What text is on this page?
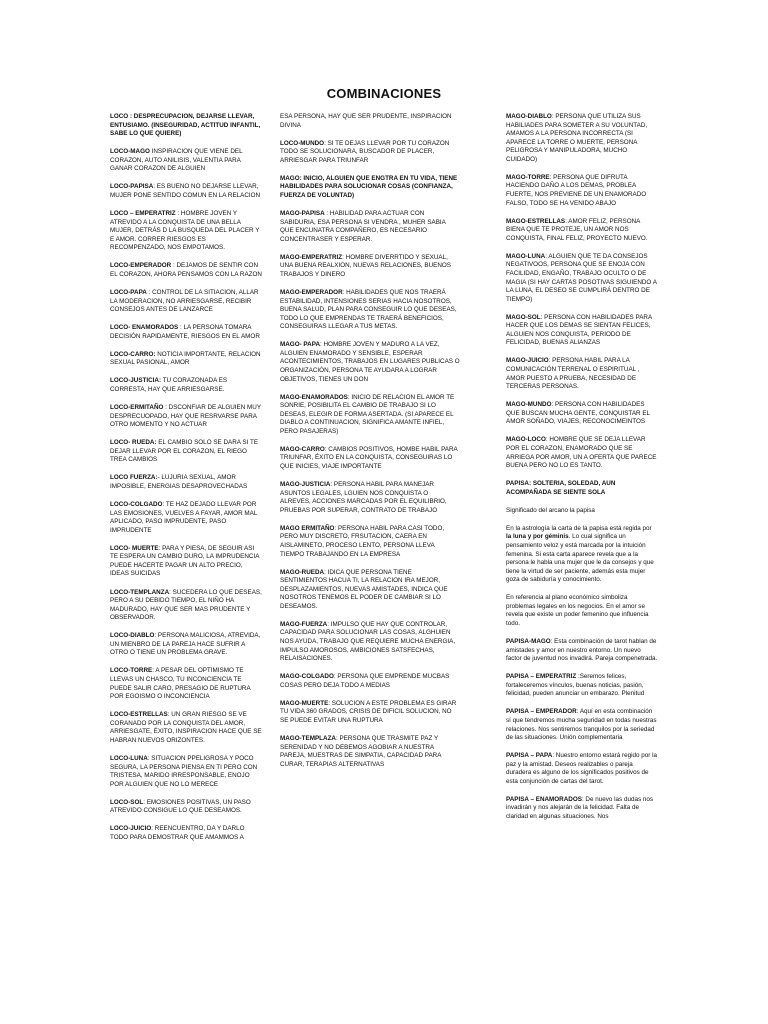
COMBINACIONES
LOCO : DESPRECUPACION, DEJARSE LLEVAR, ENTUSIAMO. (INSEGURIDAD, ACTITUD INFANTIL, SABE LO QUE QUIERE)
LOCO-MAGO INSPIRACION QUE VIENE DEL CORAZON, AUTO ANILISIS, VALENTIA PARA GANAR CORAZON DE ALGUIEN
LOCO-PAPISA: ES BUENO NO DEJARSE LLEVAR, MUJER PONE SENTIDO COMUN EN LA RELACION
LOCO – EMPERATRIZ : HOMBRE JOVEN Y ATREVIDO A LA CONQUISTA DE UNA BELLA MUJER, DETRÁS D LA BUSQUEDA DEL PLACER Y E AMOR. CORRER RIESGOS ES RECOMPENZADO, NOS EMPOTAMOS.
LOCO-EMPERADOR : DEJAMOS DE SENTIR CON EL CORAZON, AHORA PENSAMOS CON LA RAZON
LOCO-PAPA : CONTROL DE LA SITIACION, ALLAR LA MODERACION, NO ARRIESGARSE, RECIBIR CONSEJOS ANTES DE LANZARCE
LOCO- ENAMORADOS : LA PERSONA TOMARA DECISIÓN RAPIDAMENTE, RIESGOS EN EL AMOR
LOCO-CARRO: NOTICIA IMPORTANTE, RELACION SEXUAL PASIONAL, AMOR
LOCO-JUSTICIA: TU CORAZONADA ES CORRESTA, HAY QUE ARRIESGARSE.
LOCO-ERMITAÑO : DSCONFIAR DE ALGUIEN MUY DESPRECUOPADO, HAY QUE RESRVARSE PARA OTRO MOMENTO Y NO ACTUAR
LOCO- RUEDA: EL CAMBIO SOLO SE DARA SI TE DEJAR LLEVAR POR EL CORAZON, EL RIEGO TREA CAMBIOS
LOCO FUERZA:- LUJURIA SEXUAL, AMOR IMPOSIBLE, ENERGIAS DESAPROVECHADAS
LOCO-COLGADO: TE HAZ DEJADO LLEVAR POR LAS EMOSIONES, VUELVES A FAYAR, AMOR MAL APLICADO, PASO IMPRUDENTE, PASO IMPRUDENTE
LOCO- MUERTE: PARA Y PIESA, DE SEGUIR ASI TE ESPERA UN CAMBIO DURO, LA IMPRUDENCIA PUEDE HACERTE PAGAR UN ALTO PRECIO, IDEAS SUICIDAS
LOCO-TEMPLANZA: SUCEDERA LO QUE DESEAS, PERO A SU DEBIDO TIEMPO, EL NIÑO HA MADURADO, HAY QUE SER MAS PRUDENTE Y OBSERVADOR.
LOCO-DIABLO: PERSONA MALICIOSA, ATREVIDA, UN MIENBRO DE LA PAREJA HACE SUFRIR A OTRO O TIENE UN PROBLEMA GRAVE.
LOCO-TORRE: A PESAR DEL OPTIMISMO TE LLEVAS UN CHASCO, TU INCONCIENCIA TE PUEDE SALIR CARO, PRESAGIO DE RUPTURA POR EGOISMO O INCONCIENCIA
LOCO-ESTRELLAS: UN GRAN RIESGO SE VE CORANADO POR LA CONQUISTA DEL AMOR, ARRIESGATE, ÉXITO, INSPIRACION HACE QUE SE HABRAN NUEVOS ORIZONTES.
LOCO-LUNA: SITUACION PPELIGROSA Y POCO SEGURA, LA PERSONA PIENSA EN TI PERO CON TRISTESA, MARIDO IRRESPONSABLE, ENOJO POR ALGUIEN QUE NO LO MERECE
LOCO-SOL: EMOSIONES POSITIVAS, UN PASO ATREVIDO CONSIGUE LO QUE DESEAMOS.
LOCO-JUICIO: REENCUENTRO, DA Y DARLO TODO PARA DEMOSTRAR QUE AMAMMOS A
ESA PERSONA, HAY QUE SER PRUDENTE, INSPIRACION DIVINA
LOCO-MUNDO: SI TE DEJAS LLEVAR POR TU CORAZON TODO SE SOLUCIONARA, BUSCADOR DE PLACER, ARRIESGAR PARA TRIUNFAR
MAGO: INICIO, ALGUIEN QUE ENGTRA EN TU VIDA, TIENE HABILIDADES PARA SOLUCIONAR COSAS (CONFIANZA, FUERZA DE VOLUNTAD)
MAGO-PAPISA : HABILIDAD PARA ACTUAR CON SABIDURIA, ESA PERSONA SI VENDRA , MUHER SABIA QUE ENCUNATRA COMPAÑERO, ES NECESARIO CONCENTRASER Y ESPERAR.
MAGO-EMPERATRIZ: HOMBRE DIVERRTIDO Y SEXUAL, UNA BUENA REALXION, NUEVAS RELACIONES, BUENOS TRABAJOS Y DINERO
MAGO-EMPERADOR: HABILIDADES QUE NOS TRAERÁ ESTABILIDAD, INTENSIONES SERIAS HACIA NOSOTROS, BUENA SALUD, PLAN PARA CONSEGUIR LO QUE DESEAS, TODO LO QUE EMPRENDAS TE TRAERÁ BENEFICIOS, CONSEGUIRAS LLEGAR A TUS METAS.
MAGO- PAPA: HOMBRE JOVEN Y MADURO A LA VEZ, ALGUIEN ENAMORADO Y SENSIBLE, ESPERAR ACONTECIMIENTOS, TRABAJOS EN LUGARES PUBLICAS O ORGANIZACIÓN, PERSONA TE AYUDARA A LOGRAR OBJETIVOS, TIENES UN DON
MAGO-ENAMORADOS: INICIO DE RELACION EL AMOR TE SONRIE, POSIBILITA EL CAMBIO DE TRABAJO SI LO DESEAS, ELEGIR DE FORMA ASERTADA. (SI APARECE EL DIABLO A CONTINUACION, SIGNIFICA AMANTE INFIEL, PERO PASAJERAS)
MAGO-CARRO: CAMBIOS POSITIVOS, HOMBE HABIL PARA TRIUNFAR, ÉXITO EN LA CONQUISTA, CONSEGUIRAS LO QUE INICIES, VIAJE IMPORTANTE
MAGO-JUSTICIA: PERSONA HABIL PARA MANEJAR ASUNTOS LEGALES, LGUIEN NOS CONQUISTA O ALREVES, ACCIONES MARCADAS POR EL EQUILIBRIO, PRUEBAS POR SUPERAR, CONTRATO DE TRABAJO
MAGO ERMITAÑO: PERSONA HABIL PARA CASI TODO, PERO MUY DISCRETO, FRSUTACION, CAERA EN AISLAMINETO, PROCESO LENTO, PERSONA LLEVA TIEMPO TRABAJANDO EN LA EMPRESA
MAGO-RUEDA: IDICA QUE PERSONA TIENE SENTIMIENTOS HACUA TI, LA RELACION IRA MEJOR, DESPLAZAMIENTOS, NUEVAS AMISTADES, INDICA QUE NOSOTROS TENEMOS EL PODER DE CAMBIAR SI LO DESEAMOS.
MAGO-FUERZA: IMPULSO QUE HAY QUE CONTROLAR, CAPACIDAD PARA SOLUCIONAR LAS COSAS, ALGHUIEN NOS AYUDA, TRABAJO QUE REQUIERE MUCHA ENERGIA, IMPULSO AMOROSOS, AMBICIONES SATSFECHAS, RELAISACIONES.
MAGO-COLGADO: PERSONA QUE EMPRENDE MUCBAS COSAS PERO DEJA TODO A MEDIAS
MAGO-MUERTE: SOLUCION A ESTE PROBLEMA ES GIRAR TU VIDA 360 GRADOS, CRISIS DE DIFICIL SOLUCION, NO SE PUEDE EVITAR UNA RUPTURA
MAGO-TEMPLAZA: PERSONA QUE TRASMITE PAZ Y SERENIDAD Y NO DEBEMOS AGOBIAR A NUESTRA PAREJA, MUESTRAS DE SIMPATIA, CAPACIDAD PARA CURAR, TERAPIAS ALTERNATIVAS
MAGO-DIABLO: PERSONA QUE UTILIZA SUS HABILIADES PARA SOMETER A SU VOLUNTAD, AMAMOS A LA PERSONA INCORRECTA (SI APARECE LA TORRE O MUERTE, PERSONA PELIGROSA Y MANIPULADORA, MUCHO CUIDADO)
MAGO-TORRE: PERSONA QUE DIFRUTA HACIENDO DAÑO A LOS DEMAS, PROBLEA FUERTE, NOS PREVIENE DE UN ENAMORADO FALSO, TODO SE HA VENIDO ABAJO
MAGO-ESTRELLAS: AMOR FELIZ, PERSONA BIENA QUE TE PROTEJE, UN AMOR NOS CONQUISTA, FINAL FELIZ, PROYECTO NUEVO.
MAGO-LUNA: ALGUIEN QUE TE DA CONSEJOS NEGATIVOOS, PERSONA QUE SE ENOJA CON FACILIDAD, ENGAÑO, TRABAJO OCULTO O DE MAGIA (SI HAY CARTAS POSOTIVAS SIGUIENDO A LA LUNA, EL DESEO SE CUMPLIRÁ DENTRO DE TIEMPO)
MAGO-SOL: PERSONA CON HABILIDADES PARA HACER QUE LOS DEMAS SE SIENTAN FELICES, ALGUIEN NOS CONQUISTA, PERIODO DE FELICIDAD, BUENAS ALIANZAS
MAGO-JUICIO: PERSONA HABIL PARA LA COMUNICACIÓN TERRENAL O ESPIRITUAL , AMOR PUESTO A PRUEBA, NECESIDAD DE TERCERAS PERSONAS.
MAGO-MUNDO: PERSONA CON HABILIDADES QUE BUSCAN MUCHA GENTE, CONQUISTAR EL AMOR SOÑADO, VIAJES, RECONOCIMEINTOS
MAGO-LOCO: HOMBRE QUE SE DEJA LLEVAR POR EL CORAZON, ENAMORADO QUE SE ARRIEGA POR AMOR, UN A OFERTA QUE PARECE BUENA PERO NO LO ES TANTO.
PAPISA: SOLTERIA, SOLEDAD, AUN ACOMPAÑADA SE SIENTE SOLA
Significado del arcano la papisa
En la astrología la carta de la papisa está regida por la luna y por géminis. Lo cual significa un pensamiento veloz y está marcada por la intuición femenina. Si esta carta aparece revela que a la persona le habla una mujer que le da consejos y que tiene la virtud de ser paciente, además esta mujer goza de sabiduría y conocimiento.
En referencia al plano económico simboliza problemas legales en los negocios. En el amor se revela que existe un poder femenino que influencia todo.
PAPISA-MAGO: Esta combinación de tarot hablan de amistades y amor en nuestro entorno. Un nuevo factor de juventud nos invadirá. Pareja compenetrada.
PAPISA – EMPERATRIZ :Seremos felices, fortaleceremos vínculos, buenas noticias, pasión, felicidad, pueden anunciar un embarazo. Plenitud
PAPISA – EMPERADOR: Aquí en esta combinación sí que tendremos mucha seguridad en todas nuestras relaciones. Nos sentiremos tranquilos por la seriedad de las situaciones. Unión complementaria
PAPISA – PAPA: Nuestro entorno estará regido por la paz y la amistad. Deseos realizables o pareja duradera es alguno de los significados positivos de esta conjunción de cartas del tarot.
PAPISA – ENAMORADOS: De nuevo las dudas nos invadirán y nos alejarán de la felicidad. Falta de claridad en algunas situaciones. Nos
